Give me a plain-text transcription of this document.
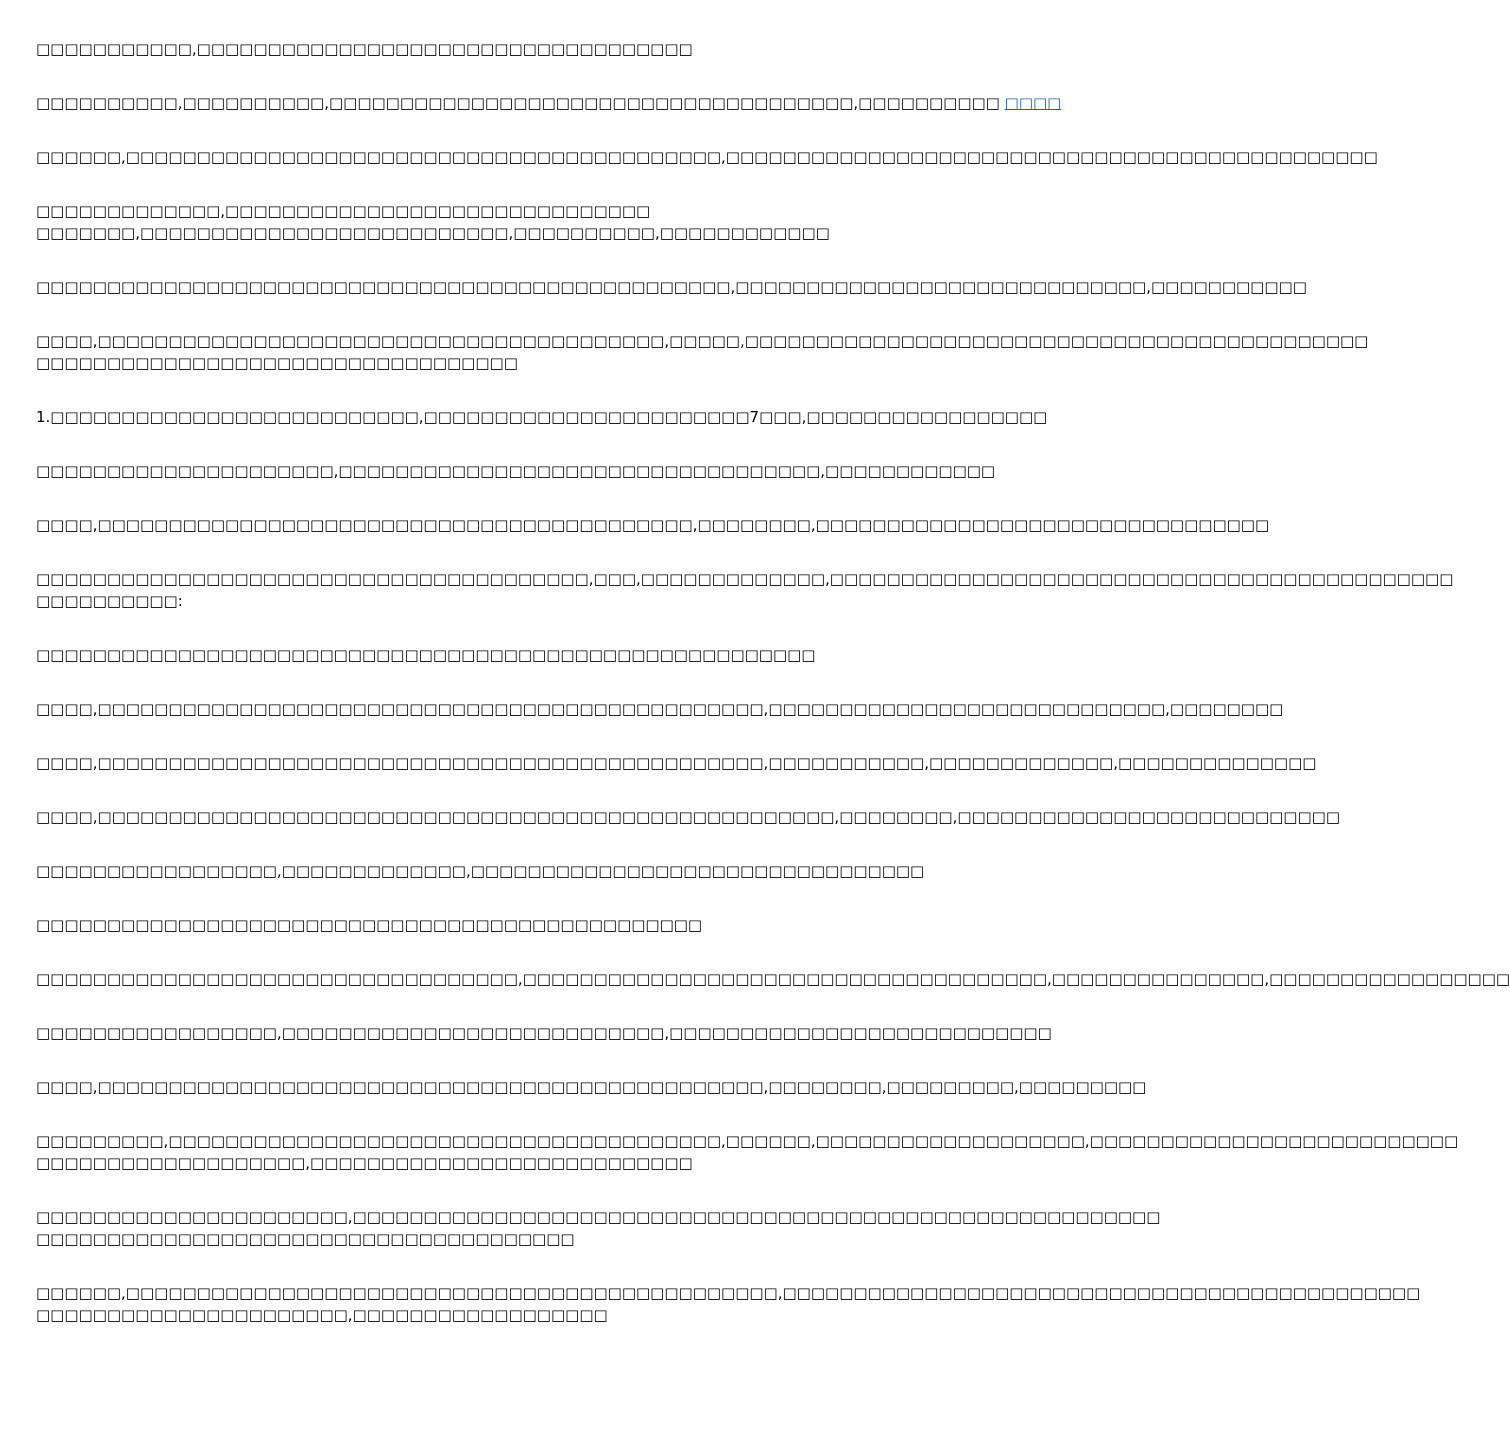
□□□□□□□□□□□,□□□□□□□□□□□□□□□□□□□□□□□□□□□□□□□□□□□

□□□□□□□□□□,□□□□□□□□□□,□□□□□□□□□□□□□□□□□□□□□□□□□□□□□□□□□□□□□,□□□□□□□□□□ □□□□

□□□□□□,□□□□□□□□□□□□□□□□□□□□□□□□□□□□□□□□□□□□□□□□□□,□□□□□□□□□□□□□□□□□□□□□□□□□□□□□□□□□□□□□□□□□□□□□□

□□□□□□□□□□□□□,□□□□□□□□□□□□□□□□□□□□□□□□□□□□□□
□□□□□□□,□□□□□□□□□□□□□□□□□□□□□□□□□□,□□□□□□□□□□,□□□□□□□□□□□□

□□□□□□□□□□□□□□□□□□□□□□□□□□□□□□□□□□□□□□□□□□□□□□□□□,□□□□□□□□□□□□□□□□□□□□□□□□□□□□□,□□□□□□□□□□□

□□□□,□□□□□□□□□□□□□□□□□□□□□□□□□□□□□□□□□□□□□□□□,□□□□□,□□□□□□□□□□□□□□□□□□□□□□□□□□□□□□□□□□□□□□□□□□□□
□□□□□□□□□□□□□□□□□□□□□□□□□□□□□□□□□□

1.□□□□□□□□□□□□□□□□□□□□□□□□□□,□□□□□□□□□□□□□□□□□□□□□□□7□□□,□□□□□□□□□□□□□□□□□

□□□□□□□□□□□□□□□□□□□□□,□□□□□□□□□□□□□□□□□□□□□□□□□□□□□□□□□□,□□□□□□□□□□□□

□□□□,□□□□□□□□□□□□□□□□□□□□□□□□□□□□□□□□□□□□□□□□□□,□□□□□□□□,□□□□□□□□□□□□□□□□□□□□□□□□□□□□□□□□

□□□□□□□□□□□□□□□□□□□□□□□□□□□□□□□□□□□□□□□,□□□,□□□□□□□□□□□□□,□□□□□□□□□□□□□□□□□□□□□□□□□□□□□□□□□□□□□□□□□□□□
□□□□□□□□□□:

□□□□□□□□□□□□□□□□□□□□□□□□□□□□□□□□□□□□□□□□□□□□□□□□□□□□□□□

□□□□,□□□□□□□□□□□□□□□□□□□□□□□□□□□□□□□□□□□□□□□□□□□□□□□,□□□□□□□□□□□□□□□□□□□□□□□□□□□□,□□□□□□□□

□□□□,□□□□□□□□□□□□□□□□□□□□□□□□□□□□□□□□□□□□□□□□□□□□□□□,□□□□□□□□□□□,□□□□□□□□□□□□□,□□□□□□□□□□□□□□

□□□□,□□□□□□□□□□□□□□□□□□□□□□□□□□□□□□□□□□□□□□□□□□□□□□□□□□□□,□□□□□□□□,□□□□□□□□□□□□□□□□□□□□□□□□□□□

□□□□□□□□□□□□□□□□□,□□□□□□□□□□□□□,□□□□□□□□□□□□□□□□□□□□□□□□□□□□□□□□

□□□□□□□□□□□□□□□□□□□□□□□□□□□□□□□□□□□□□□□□□□□□□□□

□□□□□□□□□□□□□□□□□□□□□□□□□□□□□□□□□□,□□□□□□□□□□□□□□□□□□□□□□□□□□□□□□□□□□□□□,□□□□□□□□□□□□□□□,□□□□□□□□□□□□□□□□□

□□□□□□□□□□□□□□□□□,□□□□□□□□□□□□□□□□□□□□□□□□□□□,□□□□□□□□□□□□□□□□□□□□□□□□□□□

□□□□,□□□□□□□□□□□□□□□□□□□□□□□□□□□□□□□□□□□□□□□□□□□□□□□,□□□□□□□□,□□□□□□□□□,□□□□□□□□□

□□□□□□□□□,□□□□□□□□□□□□□□□□□□□□□□□□□□□□□□□□□□□□□□□,□□□□□□,□□□□□□□□□□□□□□□□□□□,□□□□□□□□□□□□□□□□□□□□□□□□□□
□□□□□□□□□□□□□□□□□□□,□□□□□□□□□□□□□□□□□□□□□□□□□□□

□□□□□□□□□□□□□□□□□□□□□□,□□□□□□□□□□□□□□□□□□□□□□□□□□□□□□□□□□□□□□□□□□□□□□□□□□□□□□□□□
□□□□□□□□□□□□□□□□□□□□□□□□□□□□□□□□□□□□□□

□□□□□□,□□□□□□□□□□□□□□□□□□□□□□□□□□□□□□□□□□□□□□□□□□□□□□,□□□□□□□□□□□□□□□□□□□□□□□□□□□□□□□□□□□□□□□□□□□□□
□□□□□□□□□□□□□□□□□□□□□□,□□□□□□□□□□□□□□□□□□
